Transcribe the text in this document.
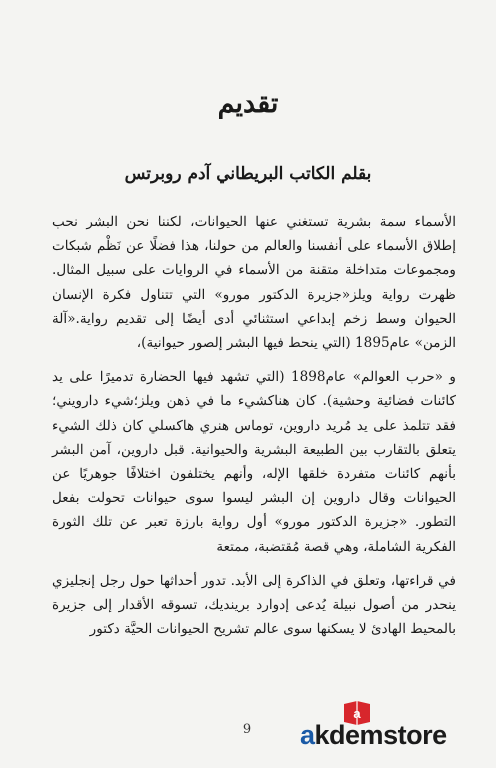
تقديم
بقلم الكاتب البريطاني آدم روبرتس

الأسماء سمة بشرية تستغني عنها الحيوانات، لكننا نحن البشر نحب إطلاق الأسماء على أنفسنا والعالم من حولنا، هذا فضلًا عن نَظْم شبكات ومجموعات متداخلة متقنة من الأسماء في الروايات على سبيل المثال. ظهرت رواية ويلز«جزيرة الدكتور مورو» التي تتناول فكرة الإنسان الحيوان وسط زخم إبداعي استثنائي أدى أيضًا إلى تقديم رواية.«آلة الزمن» عام1895 (التي ينحط فيها البشر إلصور حيوانية)،

و «حرب العوالم» عام1898 (التي تشهد فيها الحضارة تدميرًا على يد كائنات فضائية وحشية). كان هناكشيء ما في ذهن ويلز؛شيء دارويني؛ فقد تتلمذ على يد مُريد داروين، توماس هنري هاكسلي كان ذلك الشيء يتعلق بالتقارب بين الطبيعة البشرية والحيوانية. قبل داروين، آمن البشر بأنهم كائنات متفردة خلقها الإله، وأنهم يختلفون اختلافًا جوهريًا عن الحيوانات وقال داروين إن البشر ليسوا سوى حيوانات تحولت بفعل التطور. «جزيرة الدكتور مورو» أول رواية بارزة تعبر عن تلك الثورة الفكرية الشاملة، وهي قصة مُقتضبة، ممتعة

في قراءتها، وتعلق في الذاكرة إلى الأبد. تدور أحداثها حول رجل إنجليزي ينحدر من أصول نبيلة يُدعى إدوارد برينديك، تسوقه الأقدار إلى جزيرة بالمحيط الهادئ لا يسكنها سوى عالم تشريح الحيوانات الحيَّة دكتور

9
a
akdemstore
